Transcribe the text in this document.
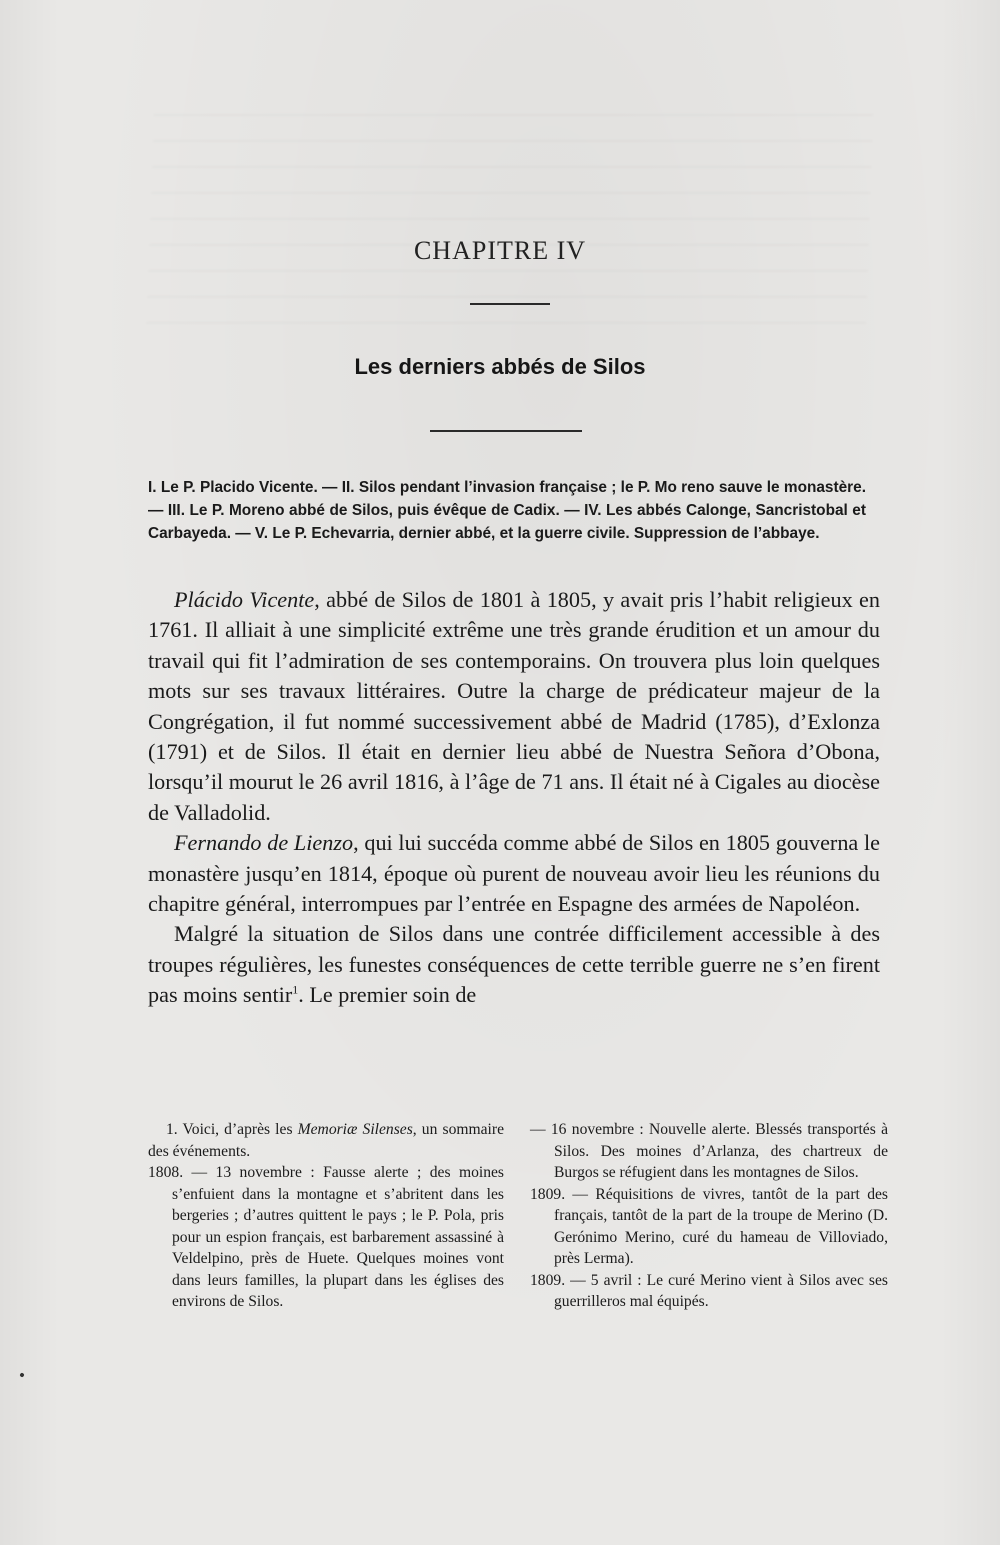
CHAPITRE IV
Les derniers abbés de Silos
I. Le P. Placido Vicente. — II. Silos pendant l’invasion française ; le P. Mo reno sauve le monastère. — III. Le P. Moreno abbé de Silos, puis évêque de Cadix. — IV. Les abbés Calonge, Sancristobal et Carbayeda. — V. Le P. Echevarria, dernier abbé, et la guerre civile. Suppression de l’abbaye.

Plácido Vicente, abbé de Silos de 1801 à 1805, y avait pris l’habit religieux en 1761. Il alliait à une simplicité extrême une très grande érudition et un amour du travail qui fit l’admiration de ses contemporains. On trouvera plus loin quelques mots sur ses travaux littéraires. Outre la charge de prédicateur majeur de la Congrégation, il fut nommé successivement abbé de Madrid (1785), d’Exlonza (1791) et de Silos. Il était en dernier lieu abbé de Nuestra Señora d’Obona, lorsqu’il mourut le 26 avril 1816, à l’âge de 71 ans. Il était né à Cigales au diocèse de Valladolid.

Fernando de Lienzo, qui lui succéda comme abbé de Silos en 1805 gouverna le monastère jusqu’en 1814, époque où purent de nouveau avoir lieu les réunions du chapitre général, interrompues par l’entrée en Espagne des armées de Napoléon.

Malgré la situation de Silos dans une contrée difficilement accessible à des troupes régulières, les funestes conséquences de cette terrible guerre ne s’en firent pas moins sentir$^1$. Le premier soin de

1. Voici, d’après les Memoriæ Silenses, un sommaire des événements.

1808. — 13 novembre : Fausse alerte ; des moines s’enfuient dans la montagne et s’abritent dans les bergeries ; d’autres quittent le pays ; le P. Pola, pris pour un espion français, est barbarement assassiné à Veldelpino, près de Huete. Quelques moines vont dans leurs familles, la plupart dans les églises des environs de Silos.

— 16 novembre : Nouvelle alerte. Blessés transportés à Silos. Des moines d’Arlanza, des chartreux de Burgos se réfugient dans les montagnes de Silos.

1809. — Réquisitions de vivres, tantôt de la part des français, tantôt de la part de la troupe de Merino (D. Gerónimo Merino, curé du hameau de Villoviado, près Lerma).

1809. — 5 avril : Le curé Merino vient à Silos avec ses guerrilleros mal équipés.
